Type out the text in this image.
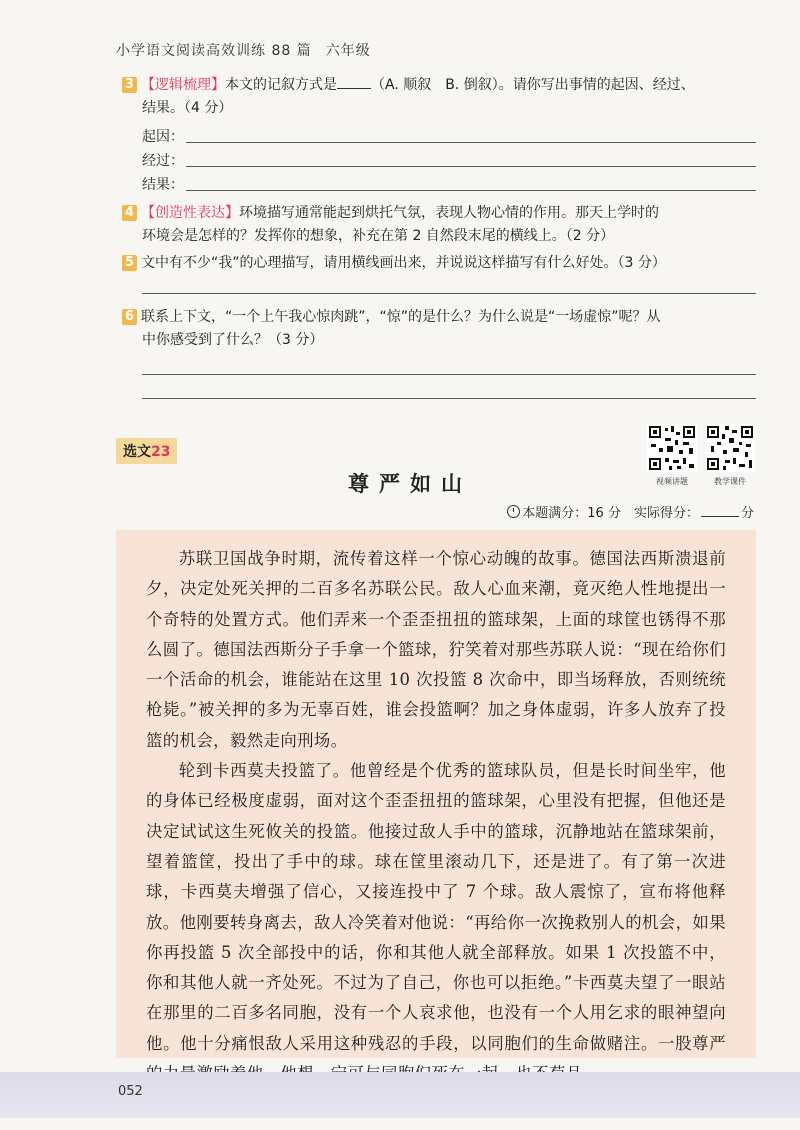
小学语文阅读高效训练 88 篇 六年级
3 【逻辑梳理】本文的记叙方式是 （A. 顺叙　B. 倒叙）。请你写出事情的起因、经过、
结果。（4 分）
起因：
经过：
结果：
4 【创造性表达】环境描写通常能起到烘托气氛，表现人物心情的作用。那天上学时的
环境会是怎样的？发挥你的想象，补充在第 2 自然段末尾的横线上。（2 分）
5 文中有不少“我”的心理描写，请用横线画出来，并说说这样描写有什么好处。（3 分）
6 联系上下文，“一个上午我心惊肉跳”，“惊”的是什么？为什么说是“一场虚惊”呢？从
中你感受到了什么？（3 分）
选文23
视频讲题	教学课件
尊严如山
本题满分：16 分　 实际得分：	分

苏联卫国战争时期，流传着这样一个惊心动魄的故事。德国法西斯溃退前夕，决定处死关押的二百多名苏联公民。敌人心血来潮，竟灭绝人性地提出一个奇特的处置方式。他们弄来一个歪歪扭扭的篮球架，上面的球筐也锈得不那么圆了。德国法西斯分子手拿一个篮球，狞笑着对那些苏联人说：“现在给你们一个活命的机会，谁能站在这里 10 次投篮 8 次命中，即当场释放，否则统统枪毙。”被关押的多为无辜百姓，谁会投篮啊？加之身体虚弱，许多人放弃了投篮的机会，毅然走向刑场。

轮到卡西莫夫投篮了。他曾经是个优秀的篮球队员，但是长时间坐牢，他的身体已经极度虚弱，面对这个歪歪扭扭的篮球架，心里没有把握，但他还是决定试试这生死攸关的投篮。他接过敌人手中的篮球，沉静地站在篮球架前，望着篮筐，投出了手中的球。球在筐里滚动几下，还是进了。有了第一次进球，卡西莫夫增强了信心，又接连投中了 7 个球。敌人震惊了，宣布将他释放。他刚要转身离去，敌人冷笑着对他说：“再给你一次挽救别人的机会，如果你再投篮 5 次全部投中的话，你和其他人就全部释放。如果 1 次投篮不中，你和其他人就一齐处死。不过为了自己，你也可以拒绝。”卡西莫夫望了一眼站在那里的二百多名同胞，没有一个人哀求他，也没有一个人用乞求的眼神望向他。他十分痛恨敌人采用这种残忍的手段，以同胞们的生命做赌注。一股尊严

052
